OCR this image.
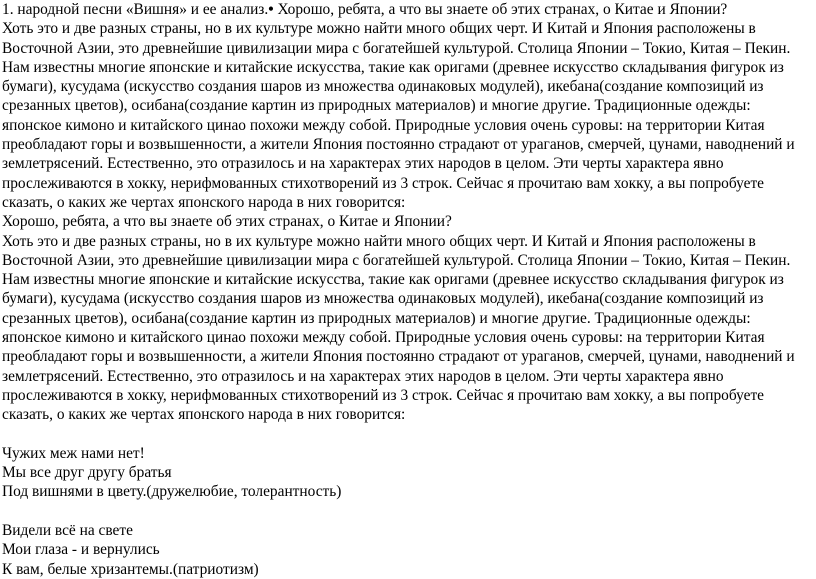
1. народной песни «Вишня» и ее анализ.• Хорошо, ребята, а что вы знаете об этих странах, о Китае и Японии?

Хоть это и две разных страны, но в их культуре можно найти много общих черт. И Китай и Япония расположены в Восточной Азии, это древнейшие цивилизации мира с богатейшей культурой. Столица Японии – Токио, Китая – Пекин. Нам известны многие японские и китайские искусства, такие как оригами (древнее искусство складывания фигурок из бумаги), кусудама (искусство создания шаров из множества одинаковых модулей), икебана(создание композиций из срезанных цветов), осибана(создание картин из природных материалов) и многие другие. Традиционные одежды: японское кимоно и китайского цинао похожи между собой. Природные условия очень суровы: на территории Китая преобладают горы и возвышенности, а жители Япония постоянно страдают от ураганов, смерчей, цунами, наводнений и землетрясений. Естественно, это отразилось и на характерах этих народов в целом. Эти черты характера явно прослеживаются в хокку, нерифмованных стихотворений из 3 строк. Сейчас я прочитаю вам хокку, а вы попробуете сказать, о каких же чертах японского народа в них говорится:

Хорошо, ребята, а что вы знаете об этих странах, о Китае и Японии?

Хоть это и две разных страны, но в их культуре можно найти много общих черт. И Китай и Япония расположены в Восточной Азии, это древнейшие цивилизации мира с богатейшей культурой. Столица Японии – Токио, Китая – Пекин. Нам известны многие японские и китайские искусства, такие как оригами (древнее искусство складывания фигурок из бумаги), кусудама (искусство создания шаров из множества одинаковых модулей), икебана(создание композиций из срезанных цветов), осибана(создание картин из природных материалов) и многие другие. Традиционные одежды: японское кимоно и китайского цинао похожи между собой. Природные условия очень суровы: на территории Китая преобладают горы и возвышенности, а жители Япония постоянно страдают от ураганов, смерчей, цунами, наводнений и землетрясений. Естественно, это отразилось и на характерах этих народов в целом. Эти черты характера явно прослеживаются в хокку, нерифмованных стихотворений из 3 строк. Сейчас я прочитаю вам хокку, а вы попробуете сказать, о каких же чертах японского народа в них говорится:

Чужих меж нами нет!

Мы все друг другу братья

Под вишнями в цвету.(дружелюбие, толерантность)

Видели всё на свете

Мои глаза - и вернулись

К вам, белые хризантемы.(патриотизм)
